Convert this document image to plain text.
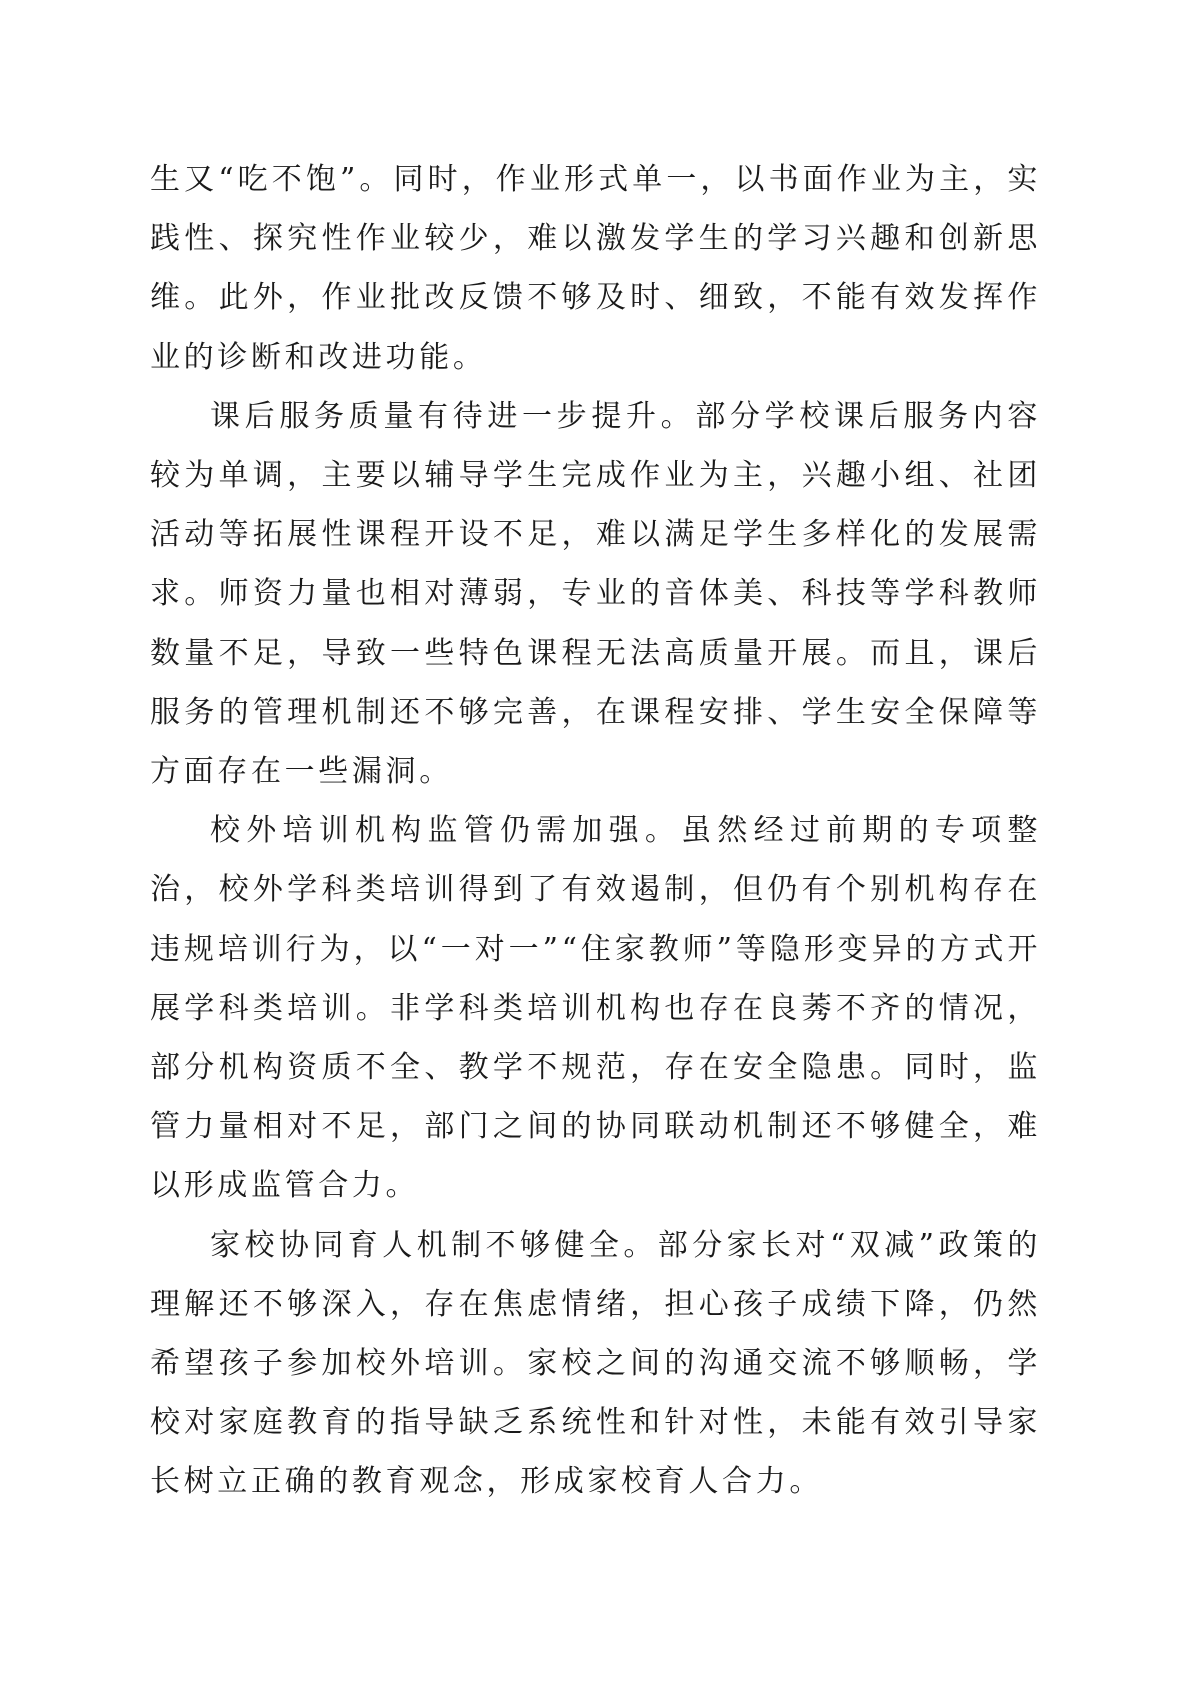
生又“吃不饱”。同时，作业形式单一，以书面作业为主，实践性、探究性作业较少，难以激发学生的学习兴趣和创新思维。此外，作业批改反馈不够及时、细致，不能有效发挥作业的诊断和改进功能。

课后服务质量有待进一步提升。部分学校课后服务内容较为单调，主要以辅导学生完成作业为主，兴趣小组、社团活动等拓展性课程开设不足，难以满足学生多样化的发展需求。师资力量也相对薄弱，专业的音体美、科技等学科教师数量不足，导致一些特色课程无法高质量开展。而且，课后服务的管理机制还不够完善，在课程安排、学生安全保障等方面存在一些漏洞。

校外培训机构监管仍需加强。虽然经过前期的专项整治，校外学科类培训得到了有效遏制，但仍有个别机构存在违规培训行为，以“一对一”“住家教师”等隐形变异的方式开展学科类培训。非学科类培训机构也存在良莠不齐的情况，部分机构资质不全、教学不规范，存在安全隐患。同时，监管力量相对不足，部门之间的协同联动机制还不够健全，难以形成监管合力。

家校协同育人机制不够健全。部分家长对“双减”政策的理解还不够深入，存在焦虑情绪，担心孩子成绩下降，仍然希望孩子参加校外培训。家校之间的沟通交流不够顺畅，学校对家庭教育的指导缺乏系统性和针对性，未能有效引导家长树立正确的教育观念，形成家校育人合力。
